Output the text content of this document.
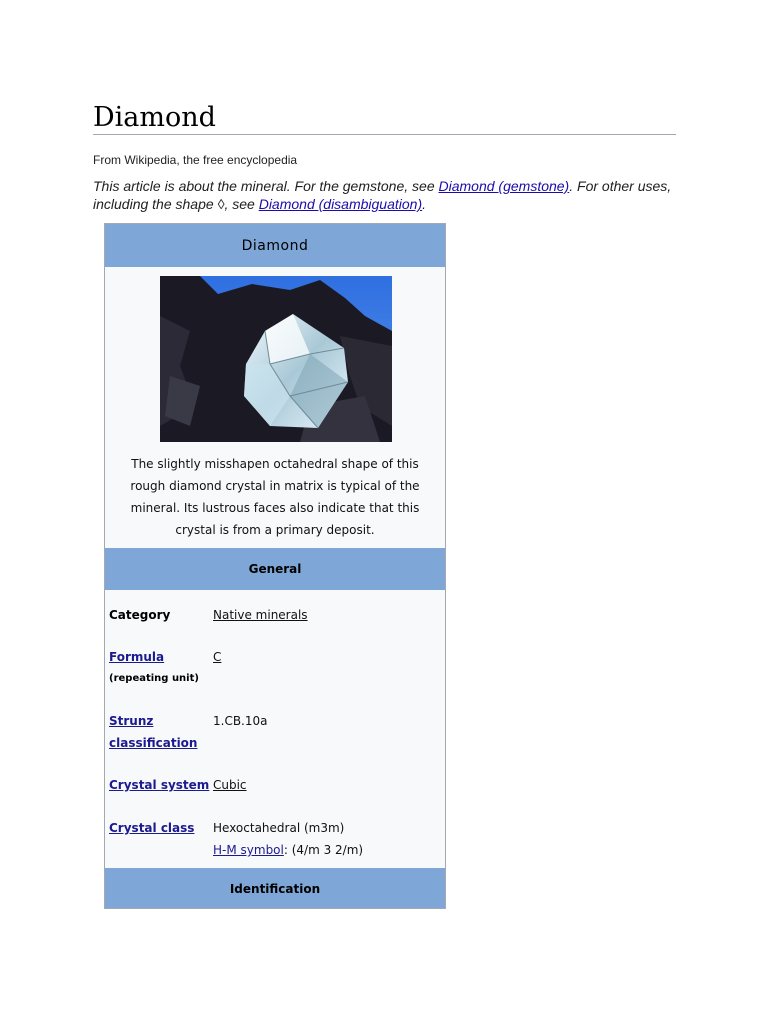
Diamond
From Wikipedia, the free encyclopedia
This article is about the mineral. For the gemstone, see Diamond (gemstone). For other uses, including the shape ◊, see Diamond (disambiguation).
Diamond
The slightly misshapen octahedral shape of this rough diamond crystal in matrix is typical of the mineral. Its lustrous faces also indicate that this crystal is from a primary deposit.
General
Category	Native minerals
Formula
(repeating unit)
C
Strunz
classification
1.CB.10a
Crystal system Cubic
Crystal class Hexoctahedral (m3m)
H-M symbol: (4/m 3 2/m)
Identification
